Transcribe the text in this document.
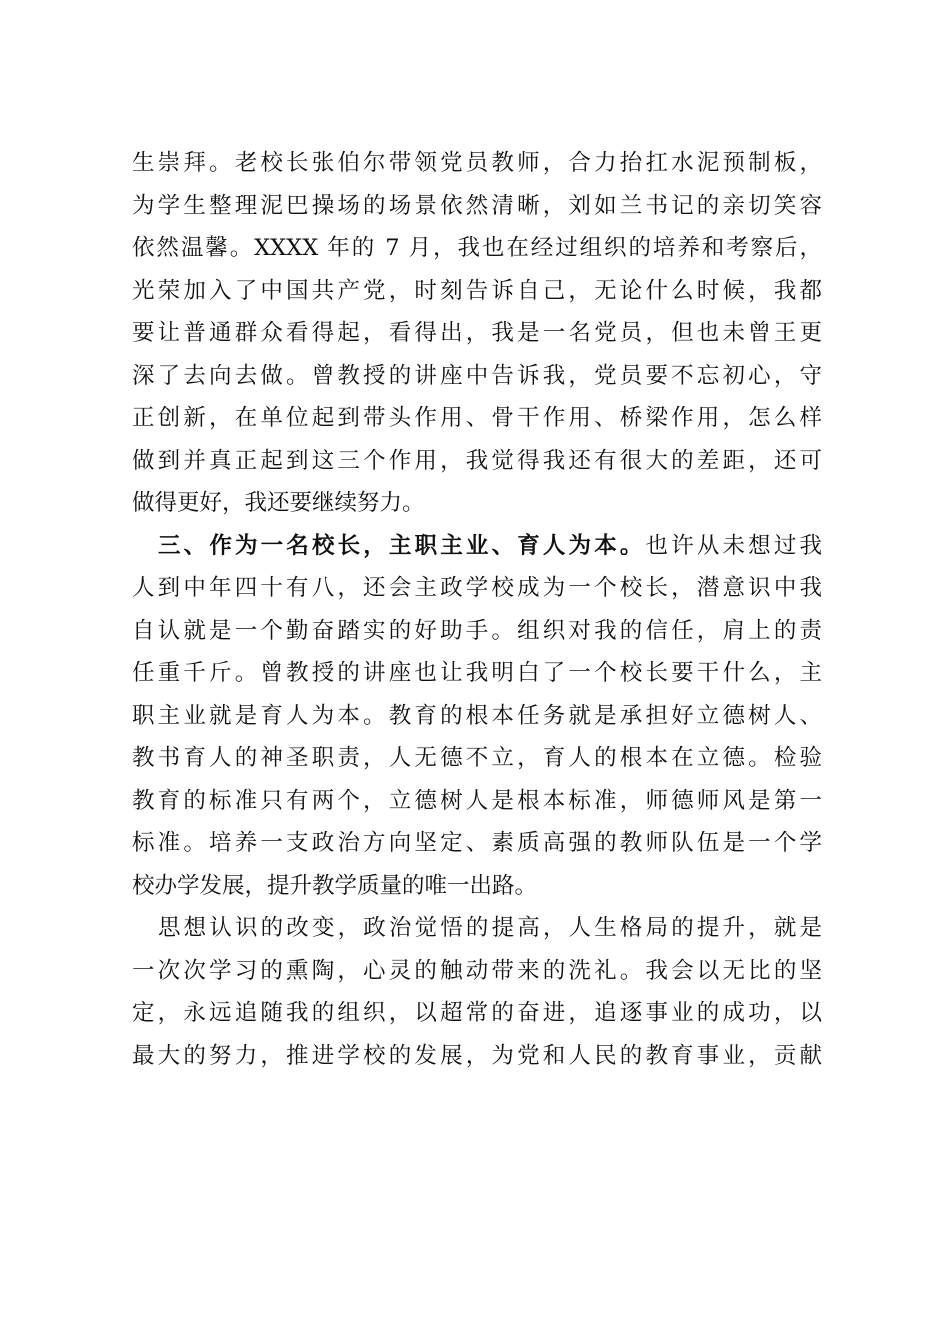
生崇拜。老校长张伯尔带领党员教师，合力抬扛水泥预制板，
为学生整理泥巴操场的场景依然清晰，刘如兰书记的亲切笑容
依然温馨。XXXX 年的 7 月，我也在经过组织的培养和考察后，
光荣加入了中国共产党，时刻告诉自己，无论什么时候，我都
要让普通群众看得起，看得出，我是一名党员，但也未曾王更
深了去向去做。曾教授的讲座中告诉我，党员要不忘初心，守
正创新，在单位起到带头作用、骨干作用、桥梁作用，怎么样
做到并真正起到这三个作用，我觉得我还有很大的差距，还可
做得更好，我还要继续努力。
三、作为一名校长，主职主业、育人为本。也许从未想过我
人到中年四十有八，还会主政学校成为一个校长，潜意识中我
自认就是一个勤奋踏实的好助手。组织对我的信任，肩上的责
任重千斤。曾教授的讲座也让我明白了一个校长要干什么，主
职主业就是育人为本。教育的根本任务就是承担好立德树人、
教书育人的神圣职责，人无德不立，育人的根本在立德。检验
教育的标准只有两个，立德树人是根本标准，师德师风是第一
标准。培养一支政治方向坚定、素质高强的教师队伍是一个学
校办学发展，提升教学质量的唯一出路。
思想认识的改变，政治觉悟的提高，人生格局的提升，就是
一次次学习的熏陶，心灵的触动带来的洗礼。我会以无比的坚
定，永远追随我的组织，以超常的奋进，追逐事业的成功，以
最大的努力，推进学校的发展，为党和人民的教育事业，贡献
